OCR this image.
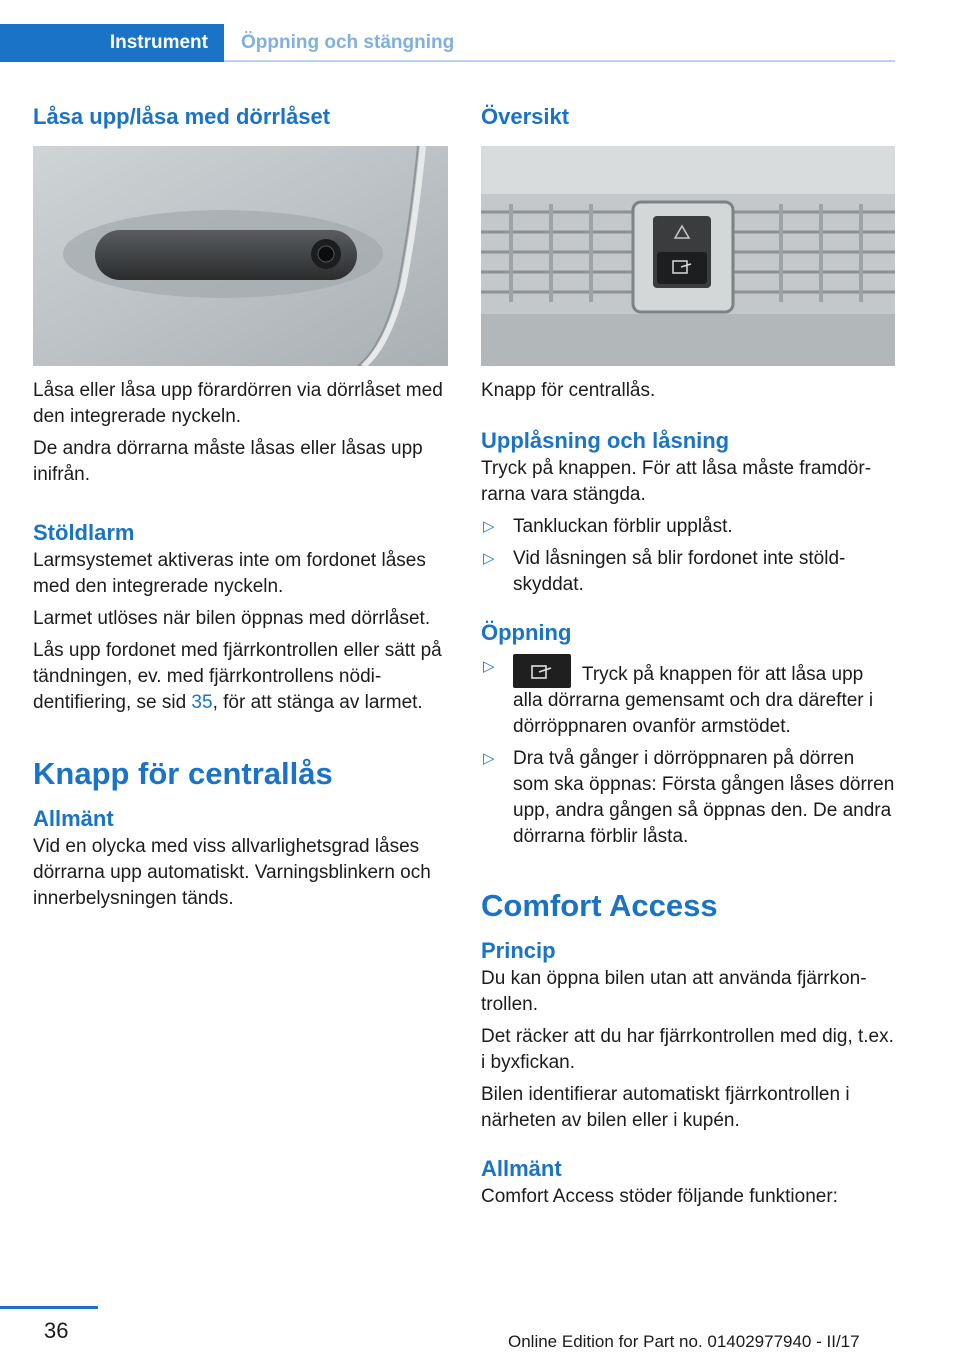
Instrument Öppning och stängning
Låsa upp/låsa med dörrlåset
Låsa eller låsa upp förardörren via dörrlåset med den integrerade nyckeln.
De andra dörrarna måste låsas eller låsas upp inifrån.
Stöldlarm
Larmsystemet aktiveras inte om fordonet låses med den integrerade nyckeln.
Larmet utlöses när bilen öppnas med dörrlåset.
Lås upp fordonet med fjärrkontrollen eller sätt på tändningen, ev. med fjärrkontrollens nödidentifiering, se sid 35, för att stänga av larmet.
Knapp för centrallås
Allmänt
Vid en olycka med viss allvarlighetsgrad låses dörrarna upp automatiskt. Varningsblinkern och innerbelysningen tänds.
Översikt
Knapp för centrallås.
Upplåsning och låsning
Tryck på knappen. För att låsa måste framdörrarna vara stängda.
▷ Tankluckan förblir upplåst.
▷ Vid låsningen så blir fordonet inte stöldskyddat.
Öppning
▷	Tryck på knappen för att låsa upp alla dörrarna gemensamt och dra därefter i dörröppnaren ovanför armstödet.
▷ Dra två gånger i dörröppnaren på dörren som ska öppnas: Första gången låses dörren upp, andra gången så öppnas den. De andra dörrarna förblir låsta.
Comfort Access
Princip
Du kan öppna bilen utan att använda fjärrkontrollen.
Det räcker att du har fjärrkontrollen med dig, t.ex. i byxfickan.
Bilen identifierar automatiskt fjärrkontrollen i närheten av bilen eller i kupén.
Allmänt
Comfort Access stöder följande funktioner:
36	Online Edition for Part no. 01402977940 - II/17
